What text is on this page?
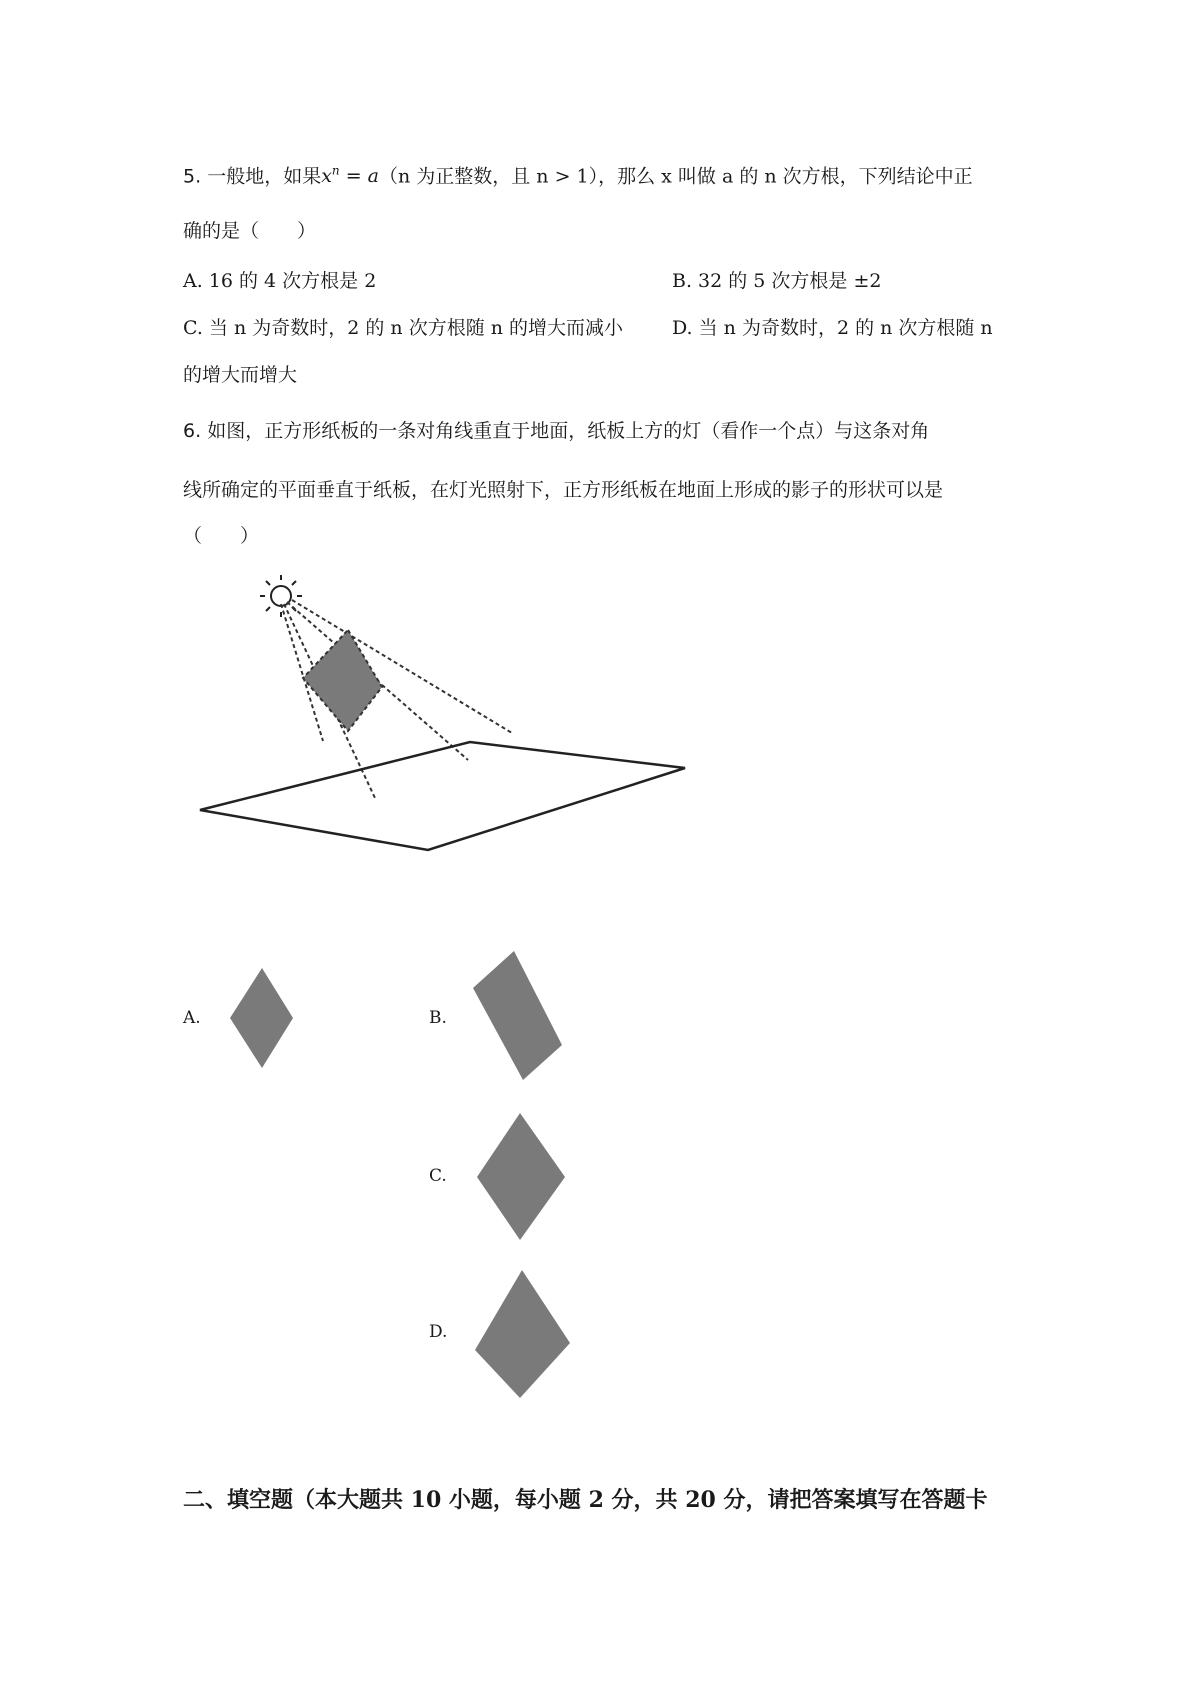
5. 一般地，如果$x^n = a(n$ 为正整数，且 n > 1），那么 x 叫做 a 的 n 次方根，下列结论中正
确的是（　　）
A. 16 的 4 次方根是 2	B. 32 的 5 次方根是 ±2
C. 当 n 为奇数时，2 的 n 次方根随 n 的增大而减小	D. 当 n 为奇数时，2 的 n 次方根随 n
的增大而增大
6. 如图，正方形纸板的一条对角线重直于地面，纸板上方的灯（看作一个点）与这条对角
线所确定的平面垂直于纸板，在灯光照射下，正方形纸板在地面上形成的影子的形状可以是
（　　）
A.	B.
C.
D.
二、填空题（本大题共 10 小题，每小题 2 分，共 20 分，请把答案填写在答题卡
